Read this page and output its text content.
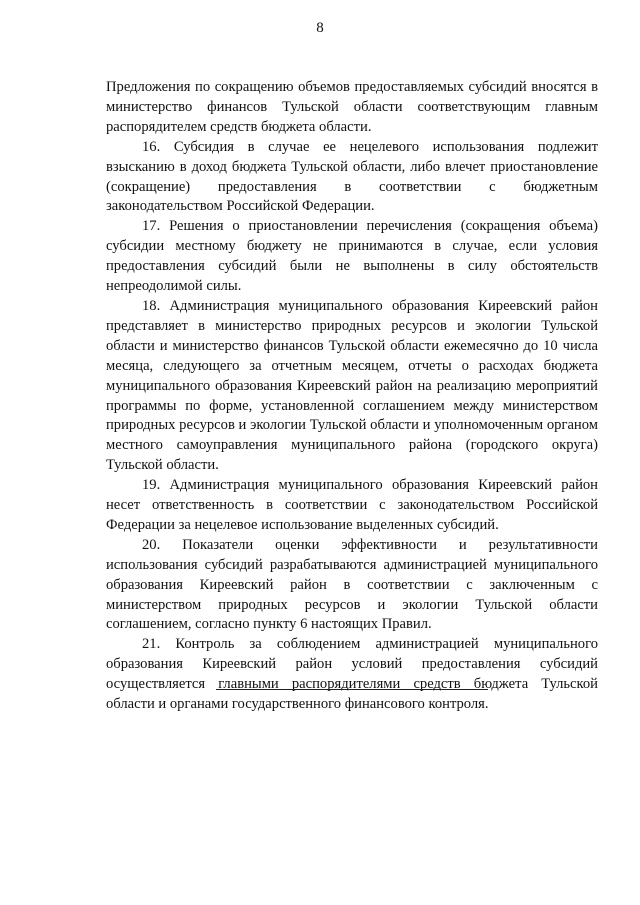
8

Предложения по сокращению объемов предоставляемых субсидий вносятся в министерство финансов Тульской области соответствующим главным распорядителем средств бюджета области.

16. Субсидия в случае ее нецелевого использования подлежит взысканию в доход бюджета Тульской области, либо влечет приостановление (сокращение) предоставления в соответствии с бюджетным законодательством Российской Федерации.

17. Решения о приостановлении перечисления (сокращения объема) субсидии местному бюджету не принимаются в случае, если условия предоставления субсидий были не выполнены в силу обстоятельств непреодолимой силы.

18. Администрация муниципального образования Киреевский район представляет в министерство природных ресурсов и экологии Тульской области и министерство финансов Тульской области ежемесячно до 10 числа месяца, следующего за отчетным месяцем, отчеты о расходах бюджета муниципального образования Киреевский район на реализацию мероприятий программы по форме, установленной соглашением между министерством природных ресурсов и экологии Тульской области и уполномоченным органом местного самоуправления муниципального района (городского округа) Тульской области.

19. Администрация муниципального образования Киреевский район несет ответственность в соответствии с законодательством Российской Федерации за нецелевое использование выделенных субсидий.

20. Показатели оценки эффективности и результативности использования субсидий разрабатываются администрацией муниципального образования Киреевский район в соответствии с заключенным с министерством природных ресурсов и экологии Тульской области соглашением, согласно пункту 6 настоящих Правил.

21. Контроль за соблюдением администрацией муниципального образования Киреевский район условий предоставления субсидий осуществляется главными распорядителями средств бюджета Тульской области и органами государственного финансового контроля.
